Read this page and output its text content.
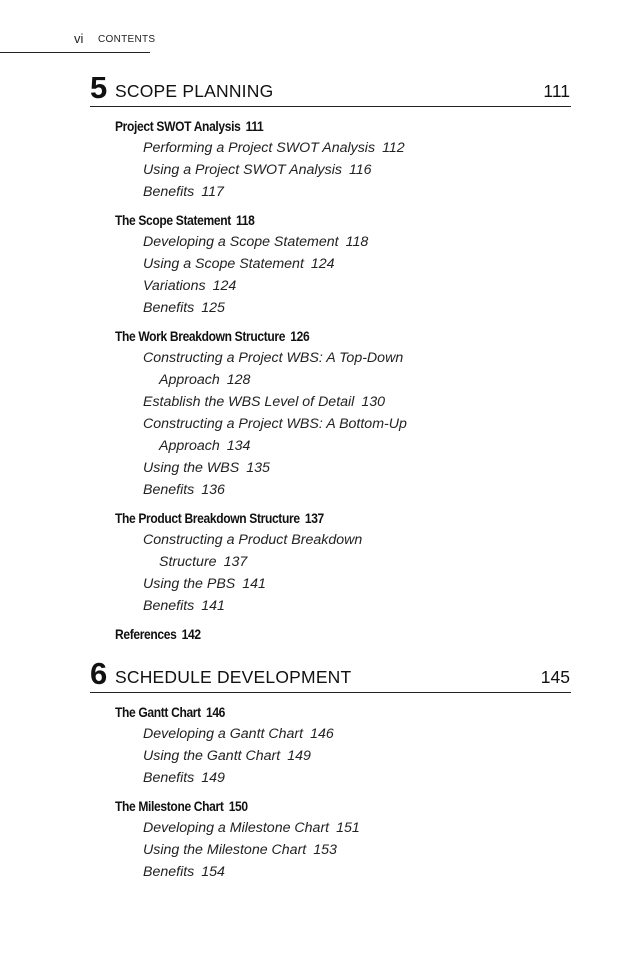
vi CONTENTS
5 SCOPE PLANNING	111
Project SWOT Analysis 111
Performing a Project SWOT Analysis 112
Using a Project SWOT Analysis 116
Benefits 117
The Scope Statement 118
Developing a Scope Statement 118
Using a Scope Statement 124
Variations 124
Benefits 125
The Work Breakdown Structure 126
Constructing a Project WBS: A Top-Down
Approach 128
Establish the WBS Level of Detail 130
Constructing a Project WBS: A Bottom-Up
Approach 134
Using the WBS 135
Benefits 136
The Product Breakdown Structure 137
Constructing a Product Breakdown
Structure 137
Using the PBS 141
Benefits 141
References 142
6 SCHEDULE DEVELOPMENT	145
The Gantt Chart 146
Developing a Gantt Chart 146
Using the Gantt Chart 149
Benefits 149
The Milestone Chart 150
Developing a Milestone Chart 151
Using the Milestone Chart 153
Benefits 154
